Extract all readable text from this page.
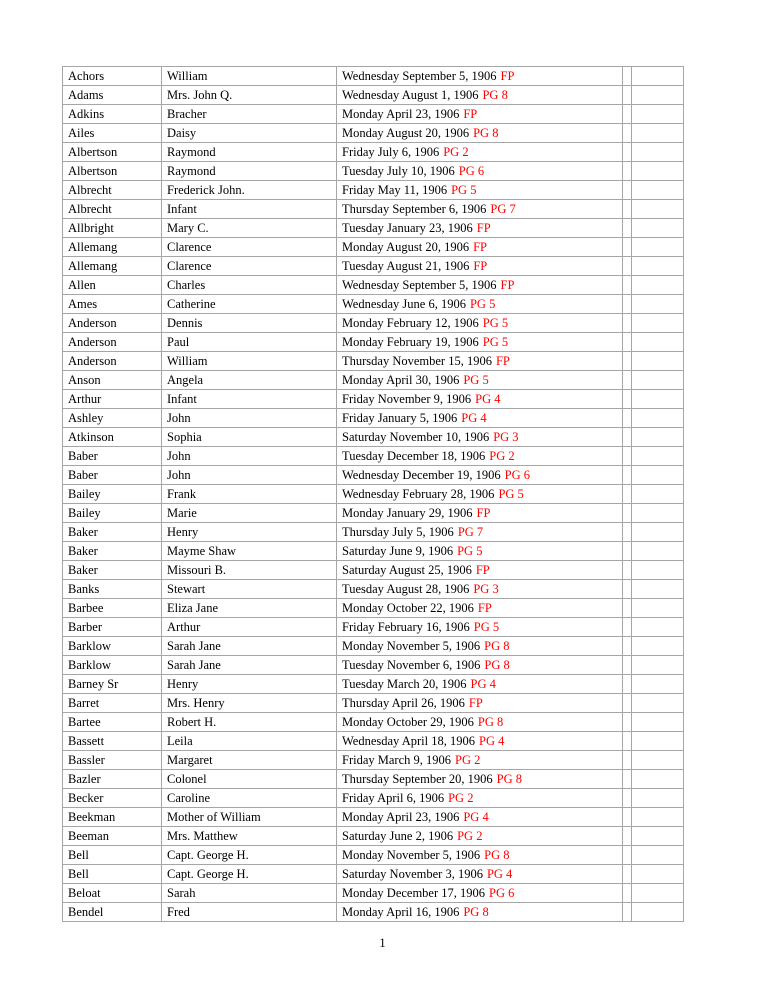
Achors	William	Wednesday September 5, 1906 FP		
Adams	Mrs. John Q.	Wednesday August 1, 1906 PG 8		
Adkins	Bracher	Monday April 23, 1906 FP		
Ailes	Daisy	Monday August 20, 1906 PG 8		
Albertson	Raymond	Friday July 6, 1906 PG 2		
Albertson	Raymond	Tuesday July 10, 1906 PG 6		
Albrecht	Frederick John.	Friday May 11, 1906 PG 5		
Albrecht	Infant	Thursday September 6, 1906 PG 7		
Allbright	Mary C.	Tuesday January 23, 1906 FP		
Allemang	Clarence	Monday August 20, 1906 FP		
Allemang	Clarence	Tuesday August 21, 1906 FP		
Allen	Charles	Wednesday September 5, 1906 FP		
Ames	Catherine	Wednesday June 6, 1906 PG 5		
Anderson	Dennis	Monday February 12, 1906 PG 5		
Anderson	Paul	Monday February 19, 1906 PG 5		
Anderson	William	Thursday November 15, 1906 FP		
Anson	Angela	Monday April 30, 1906 PG 5		
Arthur	Infant	Friday November 9, 1906 PG 4		
Ashley	John	Friday January 5, 1906 PG 4		
Atkinson	Sophia	Saturday November 10, 1906 PG 3		
Baber	John	Tuesday December 18, 1906 PG 2		
Baber	John	Wednesday December 19, 1906 PG 6		
Bailey	Frank	Wednesday February 28, 1906 PG 5		
Bailey	Marie	Monday January 29, 1906 FP		
Baker	Henry	Thursday July 5, 1906 PG 7		
Baker	Mayme Shaw	Saturday June 9, 1906 PG 5		
Baker	Missouri B.	Saturday August 25, 1906 FP		
Banks	Stewart	Tuesday August 28, 1906 PG 3		
Barbee	Eliza Jane	Monday October 22, 1906 FP		
Barber	Arthur	Friday February 16, 1906 PG 5		
Barklow	Sarah Jane	Monday November 5, 1906 PG 8		
Barklow	Sarah Jane	Tuesday November 6, 1906 PG 8		
Barney Sr	Henry	Tuesday March 20, 1906 PG 4		
Barret	Mrs. Henry	Thursday April 26, 1906 FP		
Bartee	Robert H.	Monday October 29, 1906 PG 8		
Bassett	Leila	Wednesday April 18, 1906 PG 4		
Bassler	Margaret	Friday March 9, 1906 PG 2		
Bazler	Colonel	Thursday September 20, 1906 PG 8		
Becker	Caroline	Friday April 6, 1906 PG 2		
Beekman	Mother of William	Monday April 23, 1906 PG 4		
Beeman	Mrs. Matthew	Saturday June 2, 1906 PG 2		
Bell	Capt. George H.	Monday November 5, 1906 PG 8		
Bell	Capt. George H.	Saturday November 3, 1906 PG 4		
Beloat	Sarah	Monday December 17, 1906 PG 6		
Bendel	Fred	Monday April 16, 1906 PG 8		
1
